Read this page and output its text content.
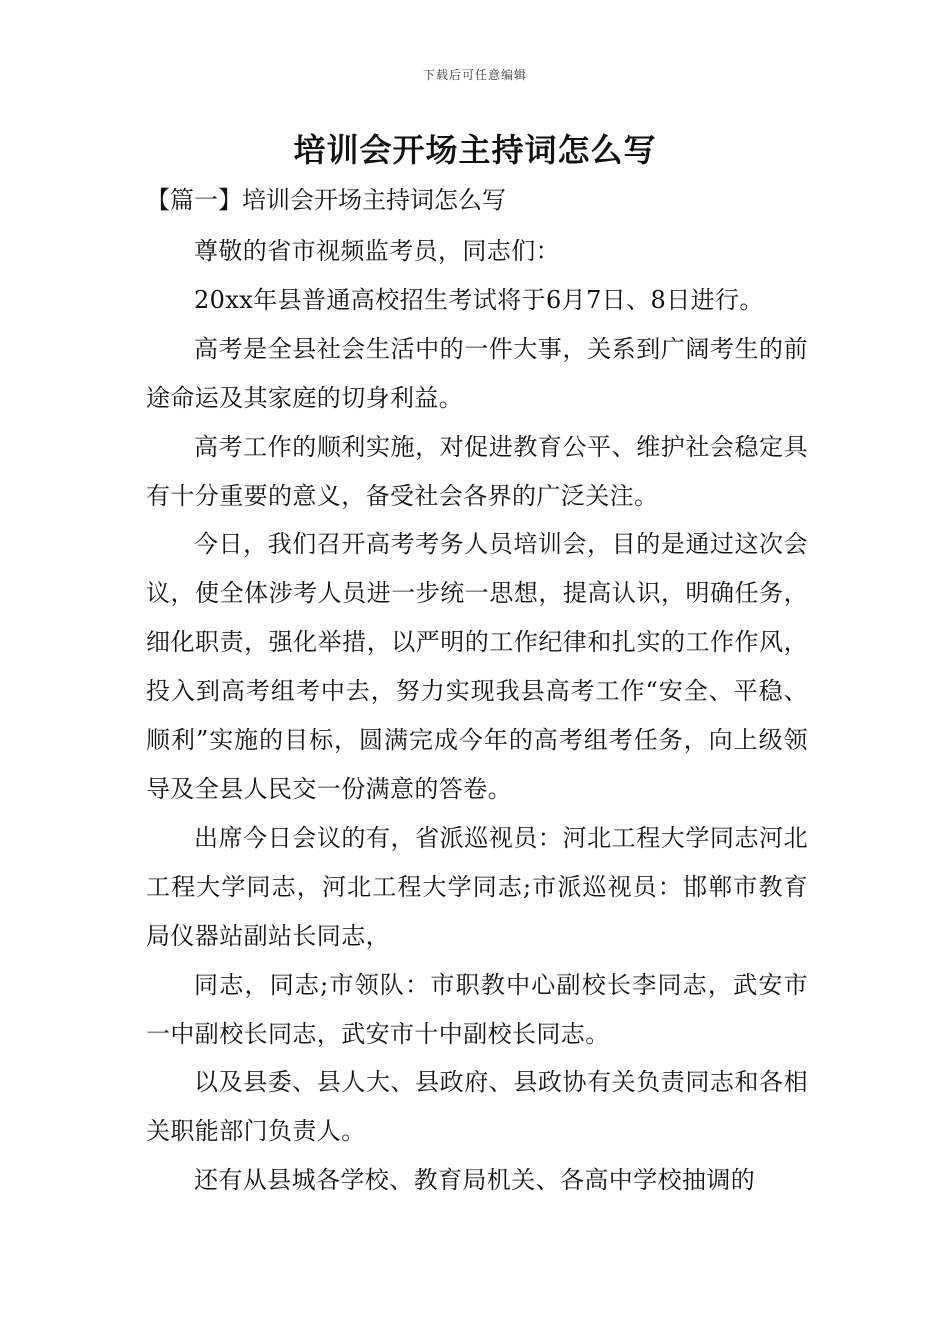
下载后可任意编辑
培训会开场主持词怎么写
【篇一】培训会开场主持词怎么写

尊敬的省市视频监考员，同志们：

20xx年县普通高校招生考试将于6月7日、8日进行。

高考是全县社会生活中的一件大事，关系到广阔考生的前途命运及其家庭的切身利益。

高考工作的顺利实施，对促进教育公平、维护社会稳定具有十分重要的意义，备受社会各界的广泛关注。

今日，我们召开高考考务人员培训会，目的是通过这次会议，使全体涉考人员进一步统一思想，提高认识，明确任务，细化职责，强化举措，以严明的工作纪律和扎实的工作作风，投入到高考组考中去，努力实现我县高考工作“安全、平稳、顺利”实施的目标，圆满完成今年的高考组考任务，向上级领导及全县人民交一份满意的答卷。

出席今日会议的有，省派巡视员：河北工程大学同志河北工程大学同志，河北工程大学同志;市派巡视员：邯郸市教育局仪器站副站长同志，

同志，同志;市领队：市职教中心副校长李同志，武安市一中副校长同志，武安市十中副校长同志。

以及县委、县人大、县政府、县政协有关负责同志和各相关职能部门负责人。

还有从县城各学校、教育局机关、各高中学校抽调的
